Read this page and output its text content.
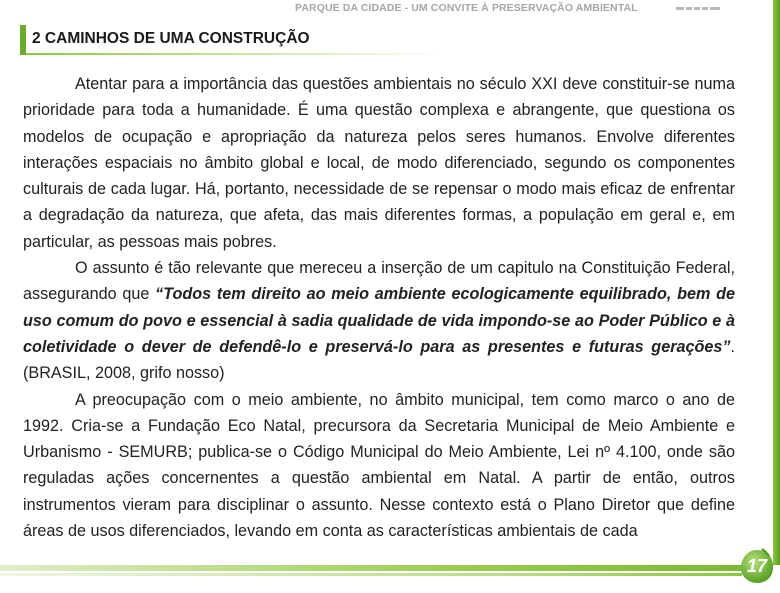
PARQUE DA CIDADE - UM CONVITE À PRESERVAÇÃO AMBIENTAL
2 CAMINHOS DE UMA CONSTRUÇÃO

Atentar para a importância das questões ambientais no século XXI deve constituir-se numa prioridade para toda a humanidade. É uma questão complexa e abrangente, que questiona os modelos de ocupação e apropriação da natureza pelos seres humanos. Envolve diferentes interações espaciais no âmbito global e local, de modo diferenciado, segundo os componentes culturais de cada lugar. Há, portanto, necessidade de se repensar o modo mais eficaz de enfrentar a degradação da natureza, que afeta, das mais diferentes formas, a população em geral e, em particular, as pessoas mais pobres.

O assunto é tão relevante que mereceu a inserção de um capitulo na Constituição Federal, assegurando que “Todos tem direito ao meio ambiente ecologicamente equilibrado, bem de uso comum do povo e essencial à sadia qualidade de vida impondo-se ao Poder Público e à coletividade o dever de defendê-lo e preservá-lo para as presentes e futuras gerações”. (BRASIL, 2008, grifo nosso)

A preocupação com o meio ambiente, no âmbito municipal, tem como marco o ano de 1992. Cria-se a Fundação Eco Natal, precursora da Secretaria Municipal de Meio Ambiente e Urbanismo - SEMURB; publica-se o Código Municipal do Meio Ambiente, Lei nº 4.100, onde são reguladas ações concernentes a questão ambiental em Natal. A partir de então, outros instrumentos vieram para disciplinar o assunto. Nesse contexto está o Plano Diretor que define áreas de usos diferenciados, levando em conta as características ambientais de cada

17
